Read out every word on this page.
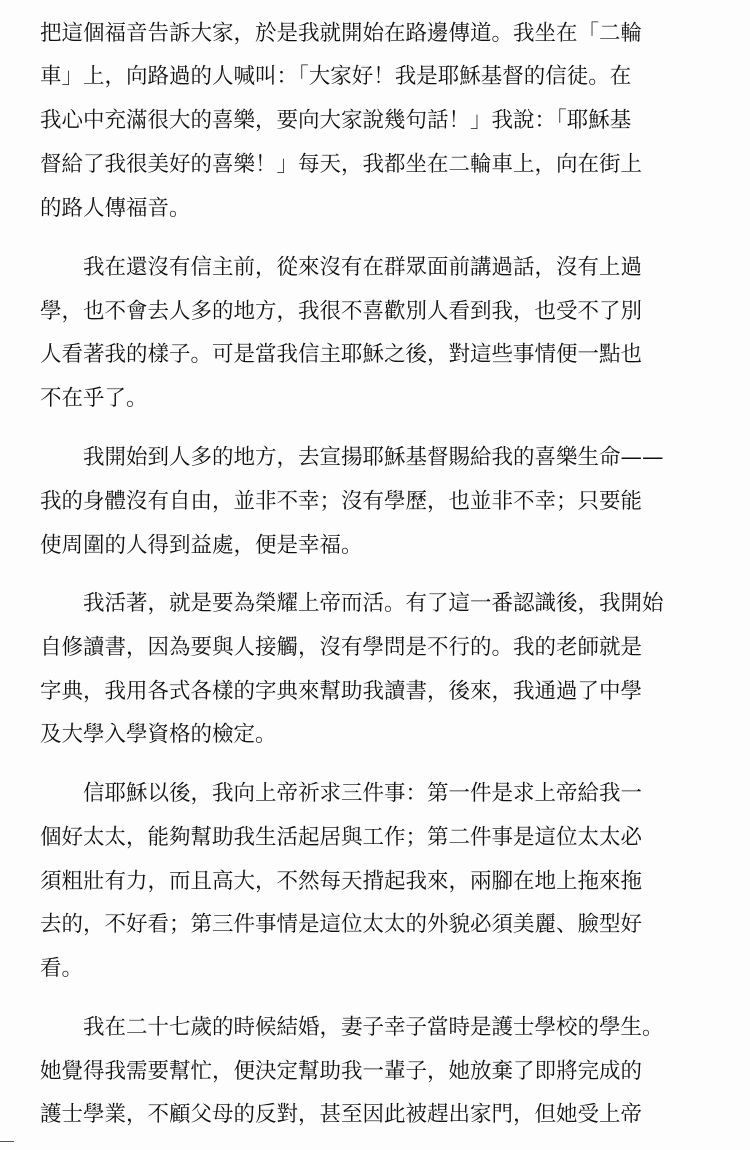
把這個福音告訴大家，於是我就開始在路邊傳道。我坐在「二輪
車」上，向路過的人喊叫：「大家好！我是耶穌基督的信徒。在
我心中充滿很大的喜樂，要向大家說幾句話！」我說：「耶穌基
督給了我很美好的喜樂！」每天，我都坐在二輪車上，向在街上
的路人傳福音。
我在還沒有信主前，從來沒有在群眾面前講過話，沒有上過
學，也不會去人多的地方，我很不喜歡別人看到我，也受不了別
人看著我的樣子。可是當我信主耶穌之後，對這些事情便一點也
不在乎了。
我開始到人多的地方，去宣揚耶穌基督賜給我的喜樂生命——
我的身體沒有自由，並非不幸；沒有學歷，也並非不幸；只要能
使周圍的人得到益處，便是幸福。
我活著，就是要為榮耀上帝而活。有了這一番認識後，我開始
自修讀書，因為要與人接觸，沒有學問是不行的。我的老師就是
字典，我用各式各樣的字典來幫助我讀書，後來，我通過了中學
及大學入學資格的檢定。
信耶穌以後，我向上帝祈求三件事：第一件是求上帝給我一
個好太太，能夠幫助我生活起居與工作；第二件事是這位太太必
須粗壯有力，而且高大，不然每天揹起我來，兩腳在地上拖來拖
去的，不好看；第三件事情是這位太太的外貌必須美麗、臉型好
看。
我在二十七歲的時候結婚，妻子幸子當時是護士學校的學生。
她覺得我需要幫忙，便決定幫助我一輩子，她放棄了即將完成的
護士學業，不顧父母的反對，甚至因此被趕出家門，但她受上帝
